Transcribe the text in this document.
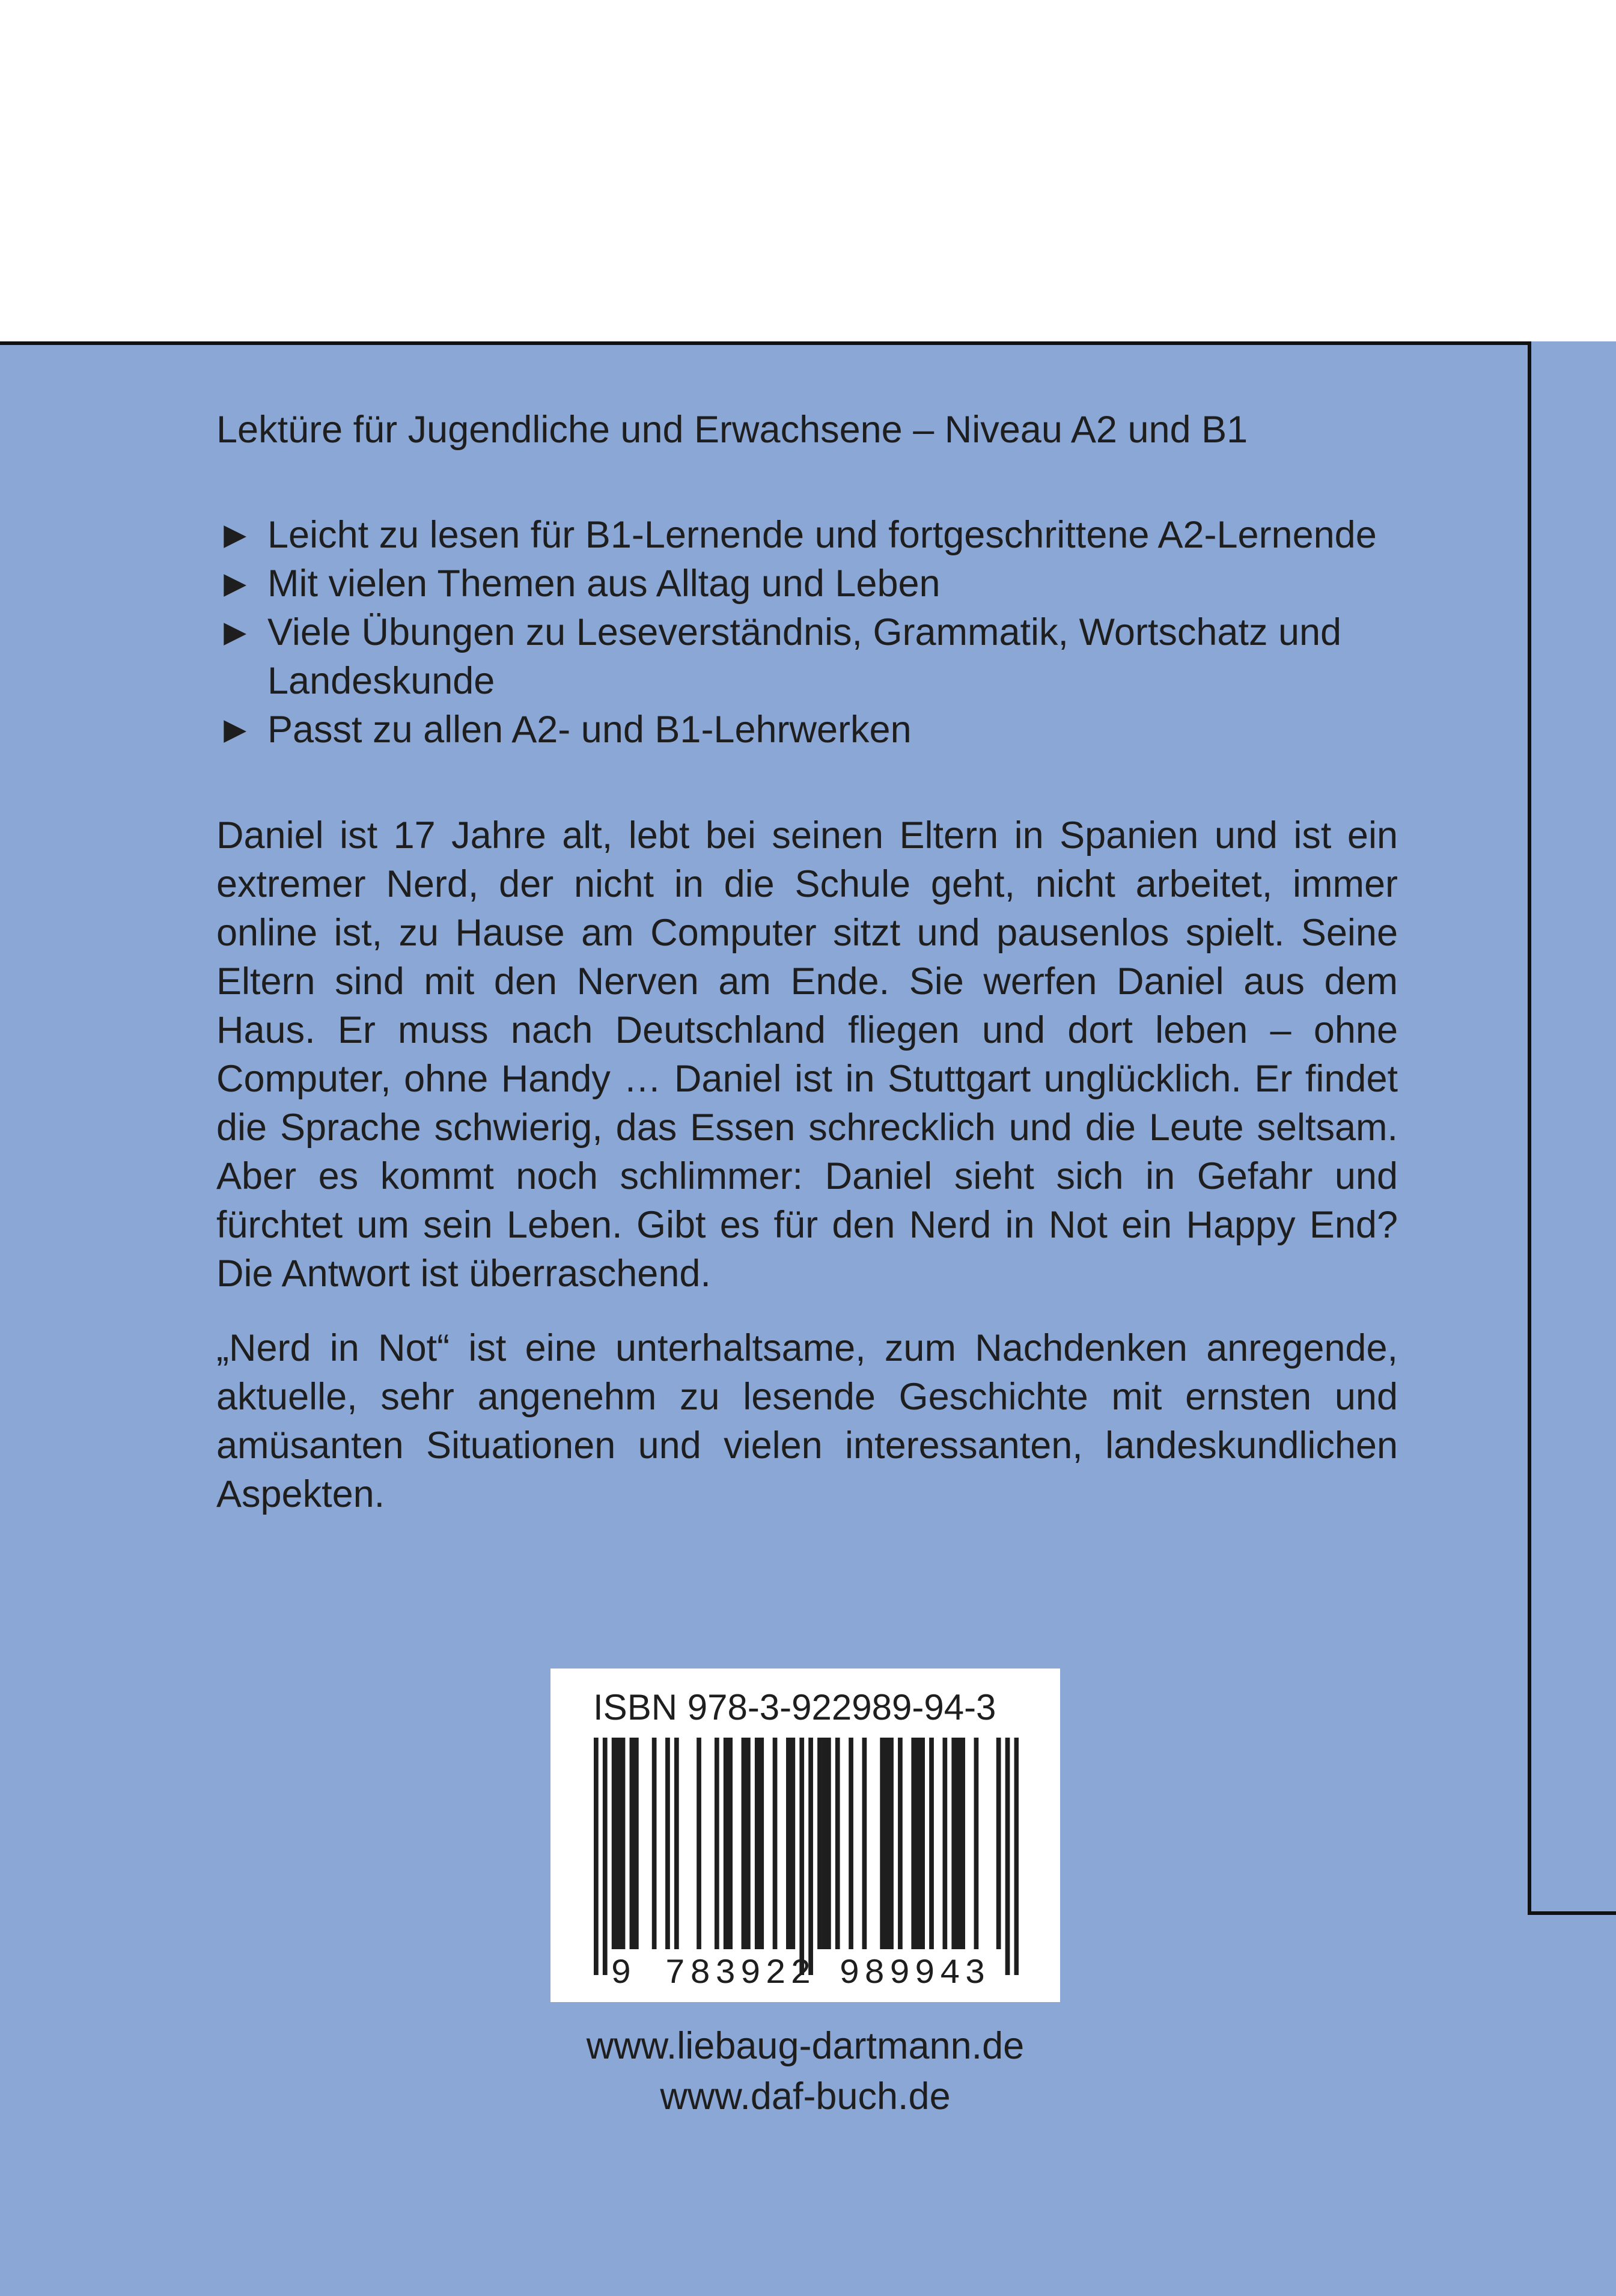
Lektüre für Jugendliche und Erwachsene – Niveau A2 und B1

► Leicht zu lesen für B1-Lernende und fortgeschrittene A2-Lernende
► Mit vielen Themen aus Alltag und Leben
► Viele Übungen zu Leseverständnis, Grammatik, Wortschatz und Landeskunde
► Passt zu allen A2- und B1-Lehrwerken

Daniel ist 17 Jahre alt, lebt bei seinen Eltern in Spanien und ist ein extremer Nerd, der nicht in die Schule geht, nicht arbeitet, immer online ist, zu Hause am Computer sitzt und pausenlos spielt. Seine Eltern sind mit den Nerven am Ende. Sie werfen Daniel aus dem Haus. Er muss nach Deutschland fliegen und dort leben – ohne Computer, ohne Handy … Daniel ist in Stuttgart unglücklich. Er findet die Sprache schwierig, das Essen schrecklich und die Leute seltsam. Aber es kommt noch schlimmer: Daniel sieht sich in Gefahr und fürchtet um sein Leben. Gibt es für den Nerd in Not ein Happy End? Die Antwort ist überraschend.

„Nerd in Not“ ist eine unterhaltsame, zum Nachdenken anregende, aktuelle, sehr angenehm zu lesende Geschichte mit ernsten und amüsanten Situationen und vielen interessanten, landeskundlichen Aspekten.

ISBN 978-3-922989-94-3
9 783922 989943
www.liebaug-dartmann.de
www.daf-buch.de
